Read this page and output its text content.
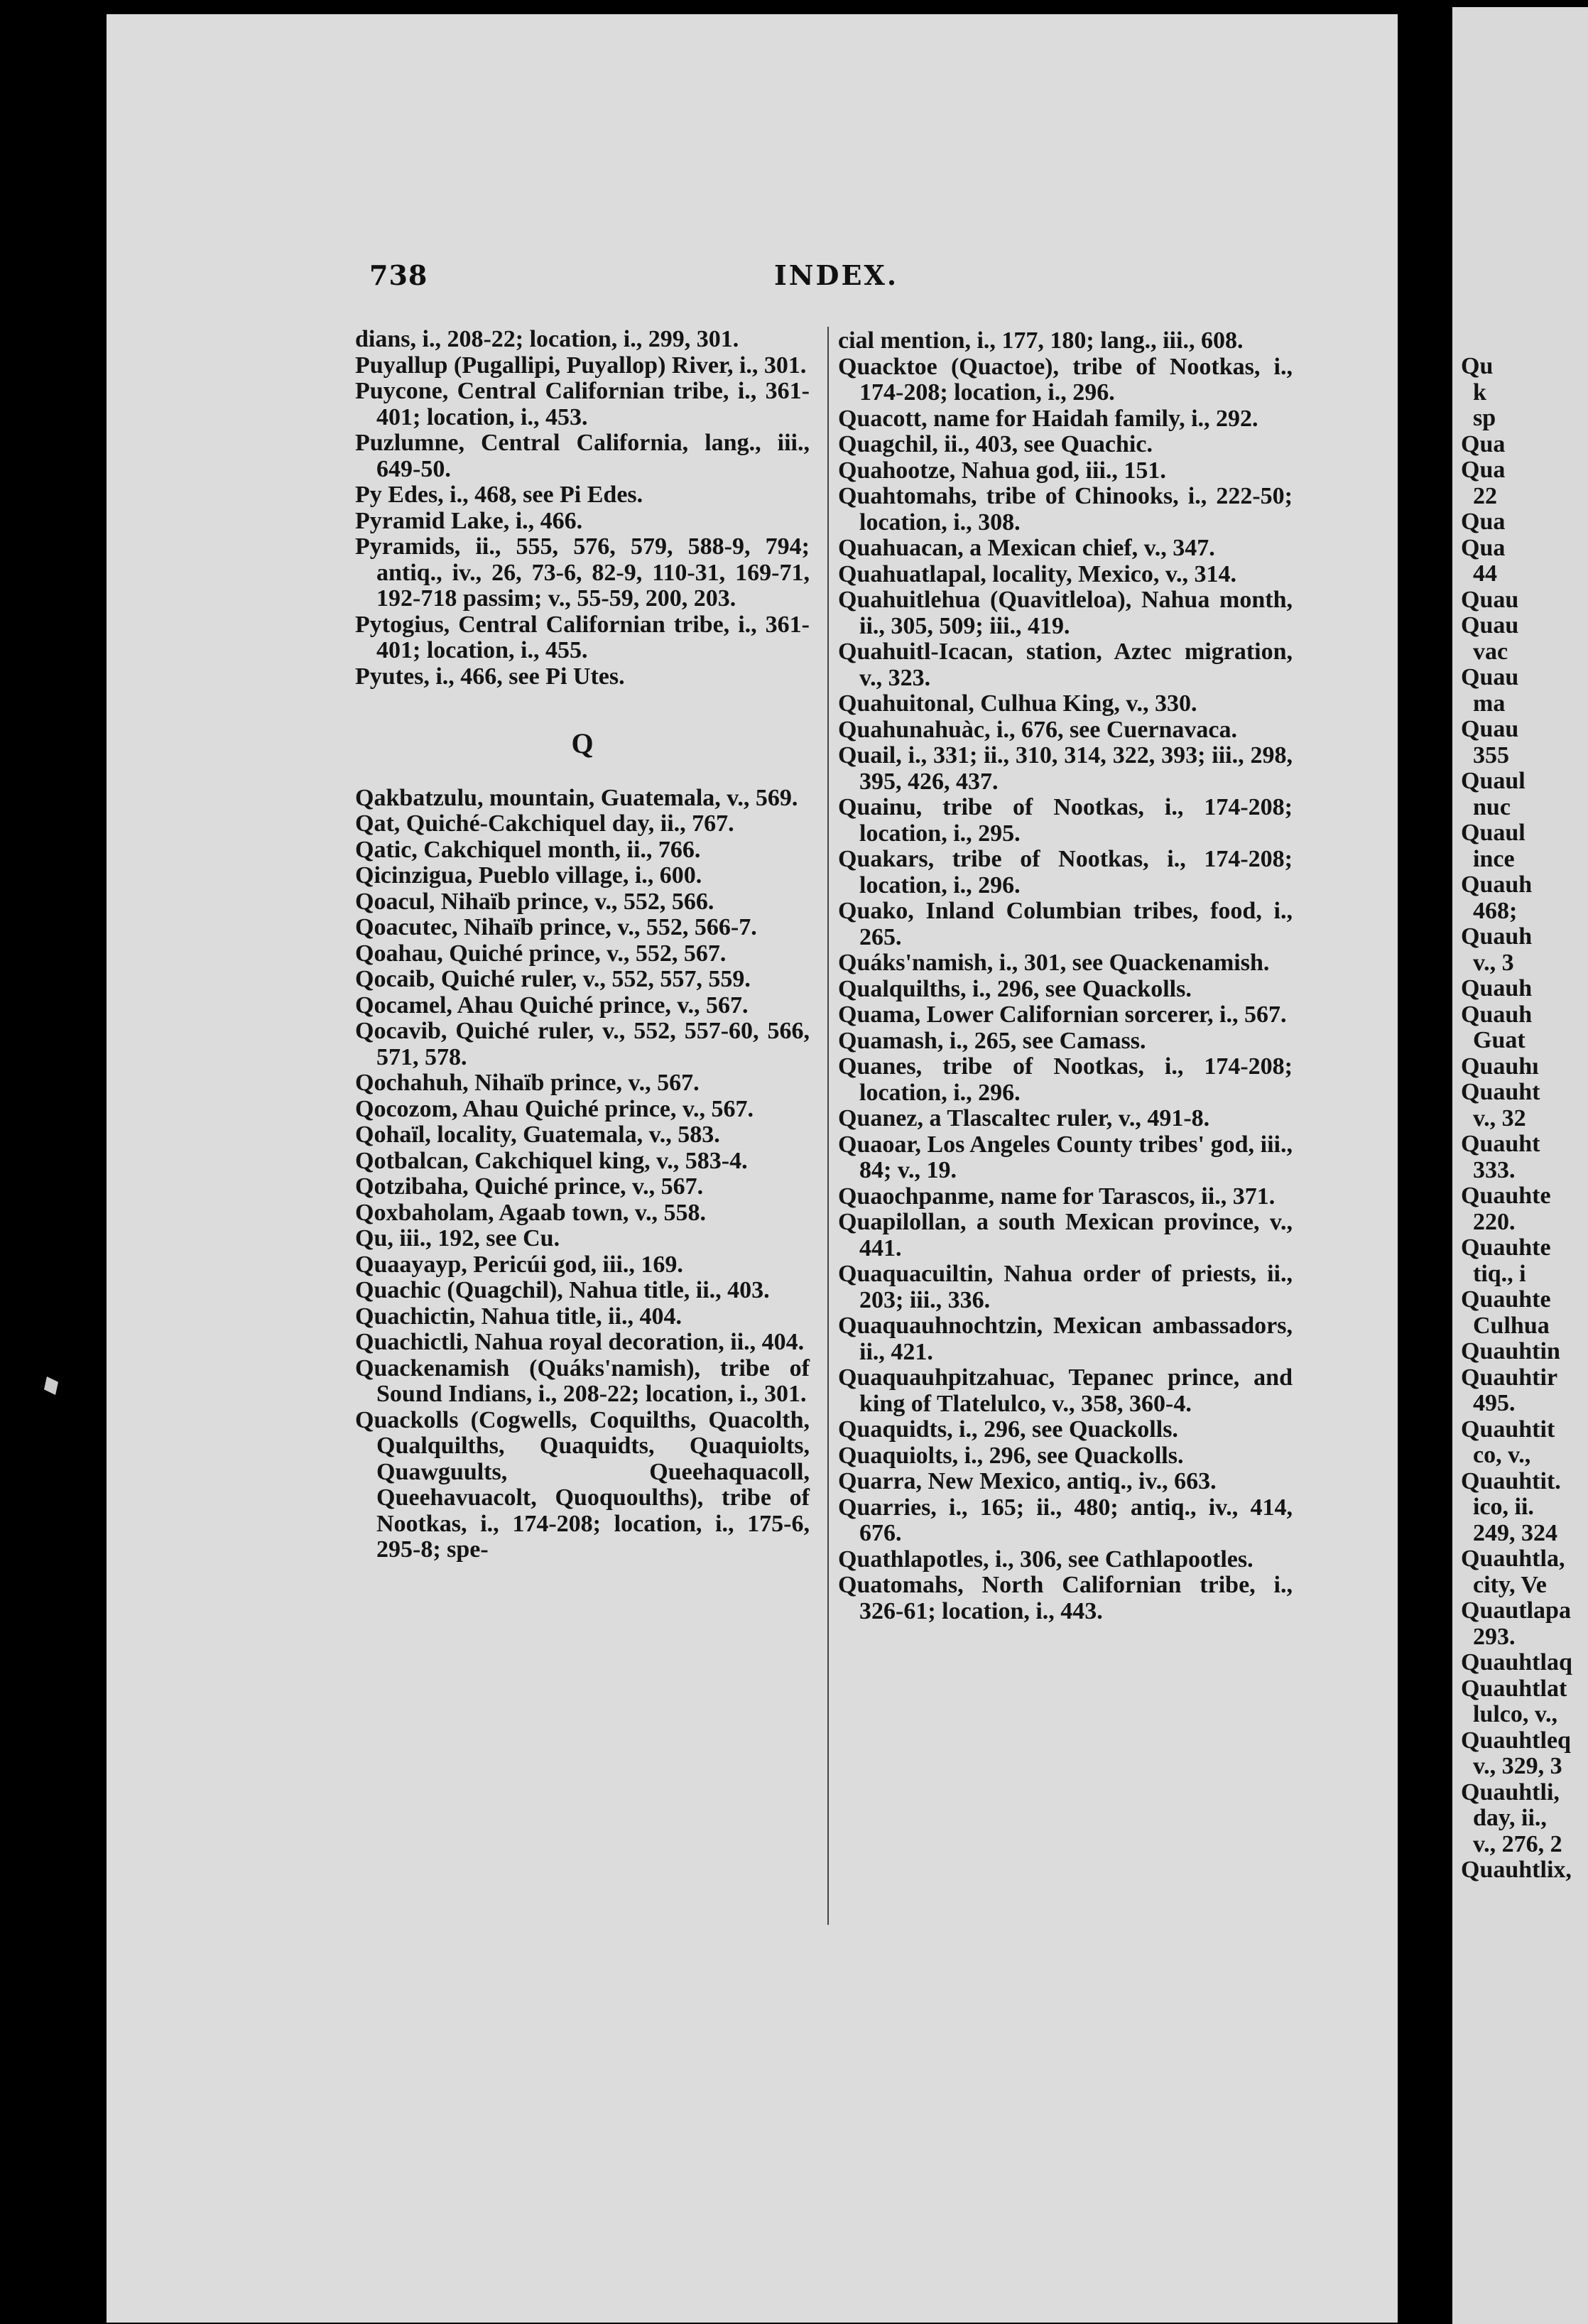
738	INDEX.

dians, i., 208-22; location, i., 299, 301.

Puyallup (Pugallipi, Puyallop) River, i., 301.

Puycone, Central Californian tribe, i., 361-401; location, i., 453.

Puzlumne, Central California, lang., iii., 649-50.

Py Edes, i., 468, see Pi Edes.

Pyramid Lake, i., 466.

Pyramids, ii., 555, 576, 579, 588-9, 794; antiq., iv., 26, 73-6, 82-9, 110-31, 169-71, 192-718 passim; v., 55-59, 200, 203.

Pytogius, Central Californian tribe, i., 361-401; location, i., 455.

Pyutes, i., 466, see Pi Utes.

Q

Qakbatzulu, mountain, Guatemala, v., 569.

Qat, Quiché-Cakchiquel day, ii., 767.

Qatic, Cakchiquel month, ii., 766.

Qicinzigua, Pueblo village, i., 600.

Qoacul, Nihaïb prince, v., 552, 566.

Qoacutec, Nihaïb prince, v., 552, 566-7.

Qoahau, Quiché prince, v., 552, 567.

Qocaib, Quiché ruler, v., 552, 557, 559.

Qocamel, Ahau Quiché prince, v., 567.

Qocavib, Quiché ruler, v., 552, 557-60, 566, 571, 578.

Qochahuh, Nihaïb prince, v., 567.

Qocozom, Ahau Quiché prince, v., 567.

Qohaïl, locality, Guatemala, v., 583.

Qotbalcan, Cakchiquel king, v., 583-4.

Qotzibaha, Quiché prince, v., 567.

Qoxbaholam, Agaab town, v., 558.

Qu, iii., 192, see Cu.

Quaayayp, Pericúi god, iii., 169.

Quachic (Quagchil), Nahua title, ii., 403.

Quachictin, Nahua title, ii., 404.

Quachictli, Nahua royal decoration, ii., 404.

Quackenamish (Quáks'namish), tribe of Sound Indians, i., 208-22; location, i., 301.

Quackolls (Cogwells, Coquilths, Quacolth, Qualquilths, Quaquidts, Quaquiolts, Quawguults, Queehaquacoll, Queehavuacolt, Quoquoulths), tribe of Nootkas, i., 174-208; location, i., 175-6, 295-8; spe-

cial mention, i., 177, 180; lang., iii., 608.

Quacktoe (Quactoe), tribe of Nootkas, i., 174-208; location, i., 296.

Quacott, name for Haidah family, i., 292.

Quagchil, ii., 403, see Quachic.

Quahootze, Nahua god, iii., 151.

Quahtomahs, tribe of Chinooks, i., 222-50; location, i., 308.

Quahuacan, a Mexican chief, v., 347.

Quahuatlapal, locality, Mexico, v., 314.

Quahuitlehua (Quavitleloa), Nahua month, ii., 305, 509; iii., 419.

Quahuitl-Icacan, station, Aztec migration, v., 323.

Quahuitonal, Culhua King, v., 330.

Quahunahuàc, i., 676, see Cuernavaca.

Quail, i., 331; ii., 310, 314, 322, 393; iii., 298, 395, 426, 437.

Quainu, tribe of Nootkas, i., 174-208; location, i., 295.

Quakars, tribe of Nootkas, i., 174-208; location, i., 296.

Quako, Inland Columbian tribes, food, i., 265.

Quáks'namish, i., 301, see Quackenamish.

Qualquilths, i., 296, see Quackolls.

Quama, Lower Californian sorcerer, i., 567.

Quamash, i., 265, see Camass.

Quanes, tribe of Nootkas, i., 174-208; location, i., 296.

Quanez, a Tlascaltec ruler, v., 491-8.

Quaoar, Los Angeles County tribes' god, iii., 84; v., 19.

Quaochpanme, name for Tarascos, ii., 371.

Quapilollan, a south Mexican province, v., 441.

Quaquacuiltin, Nahua order of priests, ii., 203; iii., 336.

Quaquauhnochtzin, Mexican ambassadors, ii., 421.

Quaquauhpitzahuac, Tepanec prince, and king of Tlatelulco, v., 358, 360-4.

Quaquidts, i., 296, see Quackolls.

Quaquiolts, i., 296, see Quackolls.

Quarra, New Mexico, antiq., iv., 663.

Quarries, i., 165; ii., 480; antiq., iv., 414, 676.

Quathlapotles, i., 306, see Cathlapootles.

Quatomahs, North Californian tribe, i., 326-61; location, i., 443.

Qu

k

sp

Qua

Qua

22

Qua

Qua

44

Quau

Quau

vac

Quau

ma

Quau

355

Quaul

nuc

Quaul

ince

Quauh

468;

Quauh

v., 3

Quauh

Quauh

Guat

Quauhı

Quauht

v., 32

Quauht

333.

Quauhte

220.

Quauhte

tiq., i

Quauhte

Culhua

Quauhtin

Quauhtir

495.

Quauhtit

co, v.,

Quauhtit.

ico, ii.

249, 324

Quauhtla,

city, Ve

Quautlapa

293.

Quauhtlaq

Quauhtlat

lulco, v.,

Quauhtleq

v., 329, 3

Quauhtli,

day, ii.,

v., 276, 2

Quauhtlix,
